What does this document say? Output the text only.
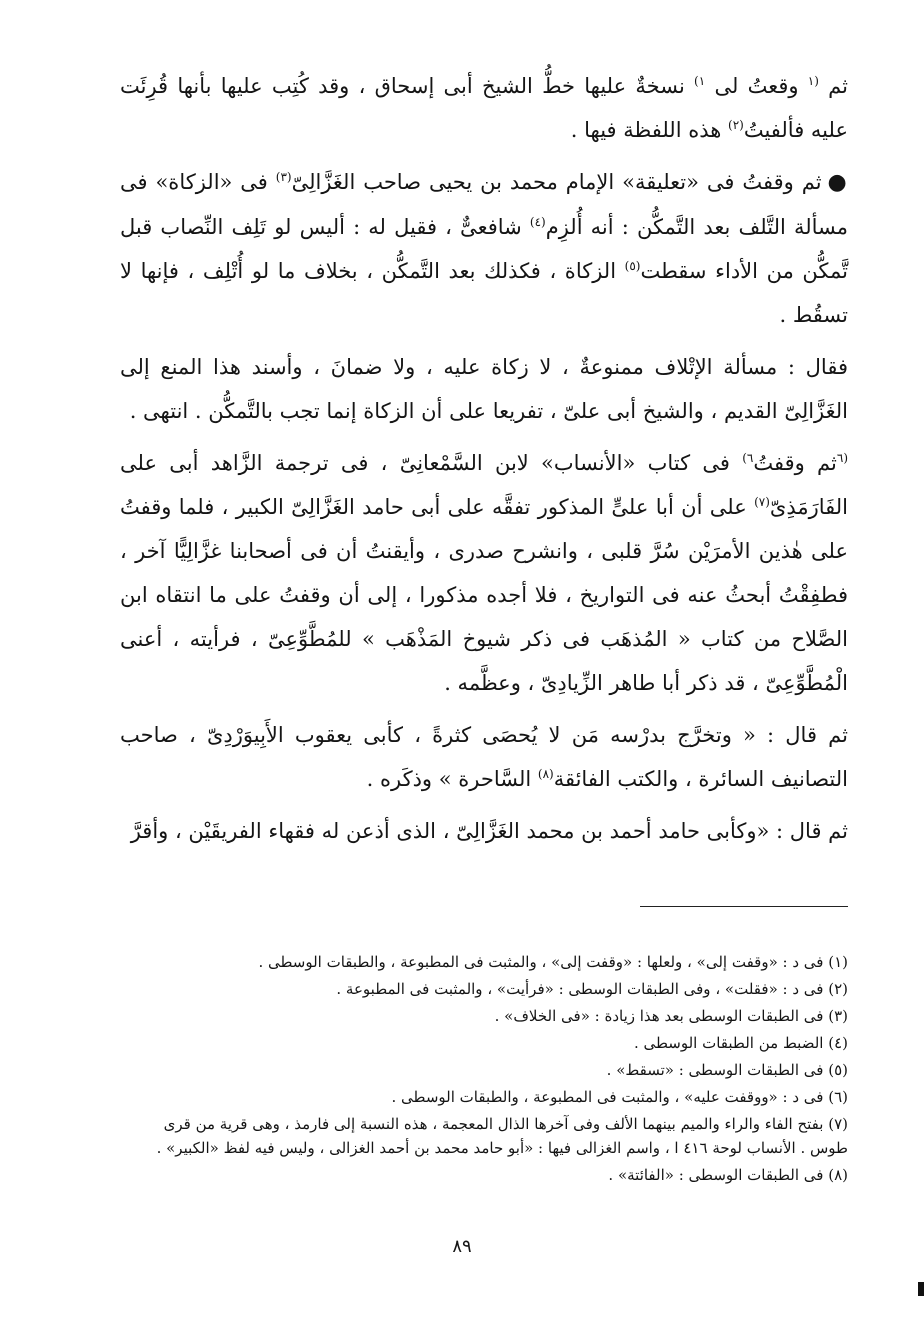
ثم $^{(١}$ وقعتُ لى $^{١)}$ نسخةٌ عليها خطُّ الشيخ أبى إسحاق ، وقد كُتِب عليها بأنها قُرِئَت عليه فألفيتُ$^{(٢)}$ هذه اللفظة فيها .

●ثم وقفتُ فى «تعليقة» الإمام محمد بن يحيى صاحب الغَزَّالِىّ$^{(٣)}$ فى «الزكاة» فى مسألة التَّلف بعد التَّمكُّن : أنه أُلزِم$^{(٤)}$ شافعىٌّ ، فقيل له : أليس لو تَلِف النِّصاب قبل تَّمكُّن من الأداء سقطت$^{(٥)}$ الزكاة ، فكذلك بعد التَّمكُّن ، بخلاف ما لو أُتْلِف ، فإنها لا تسقُط .

فقال : مسألة الإتْلاف ممنوعةٌ ، لا زكاة عليه ، ولا ضمانَ ، وأسند هذا المنع إلى الغَزَّالِىّ القديم ، والشيخ أبى علىّ ، تفريعا على أن الزكاة إنما تجب بالتَّمكُّن . انتهى .

$^{(٦}$ثم وقفتُ$^{٦)}$ فى كتاب «الأنساب» لابن السَّمْعانِىّ ، فى ترجمة الزَّاهد أبى على الفَارَمَذِىّ$^{(٧)}$ على أن أبا علىٍّ المذكور تفقَّه على أبى حامد الغَزَّالِىّ الكبير ، فلما وقفتُ على هٰذين الأمرَيْن سُرَّ قلبى ، وانشرح صدرى ، وأيقنتُ أن فى أصحابنا غزَّالِيًّا آخر ، فطفِقْتُ أبحثُ عنه فى التواريخ ، فلا أجده مذكورا ، إلى أن وقفتُ على ما انتقاه ابن الصَّلاح من كتاب « المُذهَب فى ذكر شيوخ المَذْهَب » للمُطَّوِّعِىّ ، فرأيته ، أعنى الْمُطَّوِّعِىّ ، قد ذكر أبا طاهر الزِّيادِىّ ، وعظَّمه .

ثم قال : « وتخرَّج بدرْسه مَن لا يُحصَى كثرةً ، كأبى يعقوب الأَبِيوَرْدِىّ ، صاحب التصانيف السائرة ، والكتب الفائقة$^{(٨)}$ السَّاحرة » وذكَره .

ثم قال : «وكأبى حامد أحمد بن محمد الغَزَّالِىّ ، الذى أذعن له فقهاء الفريقَيْن ، وأقرَّ

(١) فى د : «وقفت إلى» ، ولعلها : «وقفت إلى» ، والمثبت فى المطبوعة ، والطبقات الوسطى .
(٢) فى د : «فقلت» ، وفى الطبقات الوسطى : «فرأيت» ، والمثبت فى المطبوعة .
(٣) فى الطبقات الوسطى بعد هذا زيادة : «فى الخلاف» .
(٤) الضبط من الطبقات الوسطى .
(٥) فى الطبقات الوسطى : «تسقط» .
(٦) فى د : «ووقفت عليه» ، والمثبت فى المطبوعة ، والطبقات الوسطى .
(٧) بفتح الفاء والراء والميم بينهما الألف وفى آخرها الذال المعجمة ، هذه النسبة إلى فارمذ ، وهى قرية من قرى طوس . الأنساب لوحة ٤١٦ ا ، واسم الغزالى فيها : «أبو حامد محمد بن أحمد الغزالى ، وليس فيه لفظ «الكبير» .
(٨) فى الطبقات الوسطى : «الفائتة» .
٨٩
